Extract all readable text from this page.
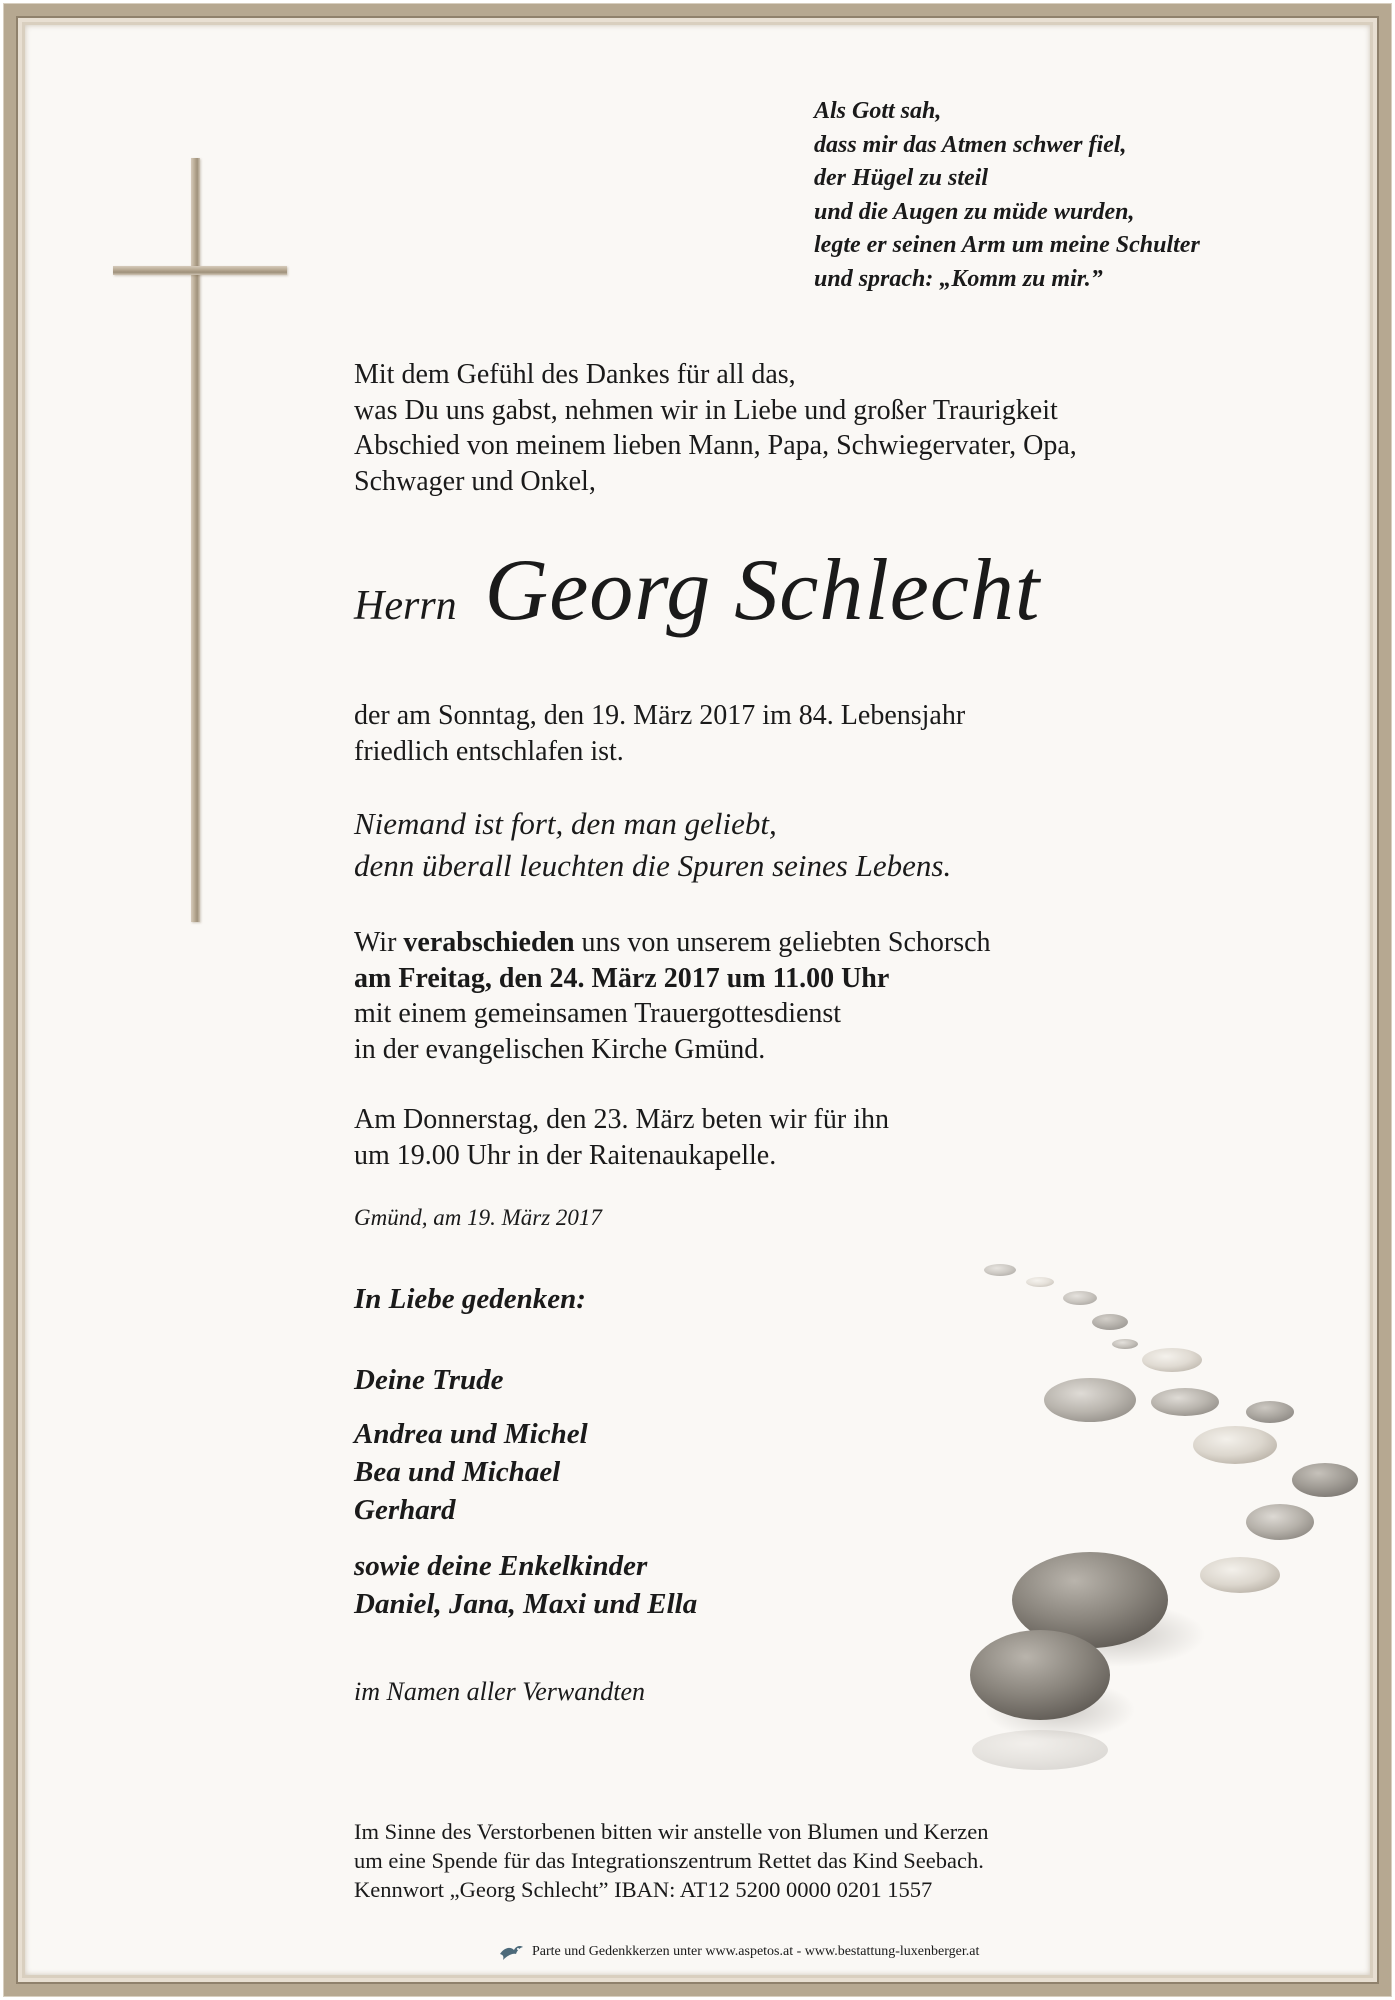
Als Gott sah,
dass mir das Atmen schwer fiel,
der Hügel zu steil
und die Augen zu müde wurden,
legte er seinen Arm um meine Schulter
und sprach: „Komm zu mir.”
Mit dem Gefühl des Dankes für all das,
was Du uns gabst, nehmen wir in Liebe und großer Traurigkeit
Abschied von meinem lieben Mann, Papa, Schwiegervater, Opa,
Schwager und Onkel,
Herrn Georg Schlecht
der am Sonntag, den 19. März 2017 im 84. Lebensjahr
friedlich entschlafen ist.
Niemand ist fort, den man geliebt,
denn überall leuchten die Spuren seines Lebens.
Wir verabschieden uns von unserem geliebten Schorsch
am Freitag, den 24. März 2017 um 11.00 Uhr
mit einem gemeinsamen Trauergottesdienst
in der evangelischen Kirche Gmünd.
Am Donnerstag, den 23. März beten wir für ihn
um 19.00 Uhr in der Raitenaukapelle.
Gmünd, am 19. März 2017
In Liebe gedenken:
Deine Trude
Andrea und Michel
Bea und Michael
Gerhard
sowie deine Enkelkinder
Daniel, Jana, Maxi und Ella
im Namen aller Verwandten
Im Sinne des Verstorbenen bitten wir anstelle von Blumen und Kerzen
um eine Spende für das Integrationszentrum Rettet das Kind Seebach.
Kennwort „Georg Schlecht” IBAN: AT12 5200 0000 0201 1557
Parte und Gedenkkerzen unter www.aspetos.at - www.bestattung-luxenberger.at
